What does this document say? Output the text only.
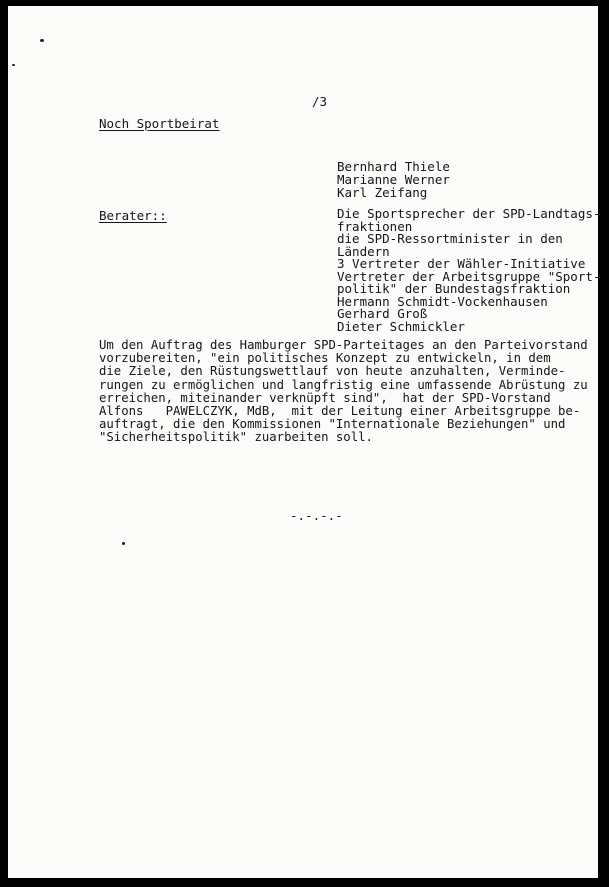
/3
Noch Sportbeirat
Bernhard Thiele
Marianne Werner
Karl Zeifang
Berater::	Die Sportsprecher der SPD-Landtags-
fraktionen
die SPD-Ressortminister in den
Ländern
3 Vertreter der Wähler-Initiative
Vertreter der Arbeitsgruppe "Sport-
politik" der Bundestagsfraktion
Hermann Schmidt-Vockenhausen
Gerhard Groß
Dieter Schmickler
Um den Auftrag des Hamburger SPD-Parteitages an den Parteivorstand
vorzubereiten, "ein politisches Konzept zu entwickeln, in dem
die Ziele, den Rüstungswettlauf von heute anzuhalten, Verminde-
rungen zu ermöglichen und langfristig eine umfassende Abrüstung zu
erreichen, miteinander verknüpft sind",  hat der SPD-Vorstand
Alfons   PAWELCZYK, MdB,  mit der Leitung einer Arbeitsgruppe be-
auftragt, die den Kommissionen "Internationale Beziehungen" und
"Sicherheitspolitik" zuarbeiten soll.
-.-.-.-
